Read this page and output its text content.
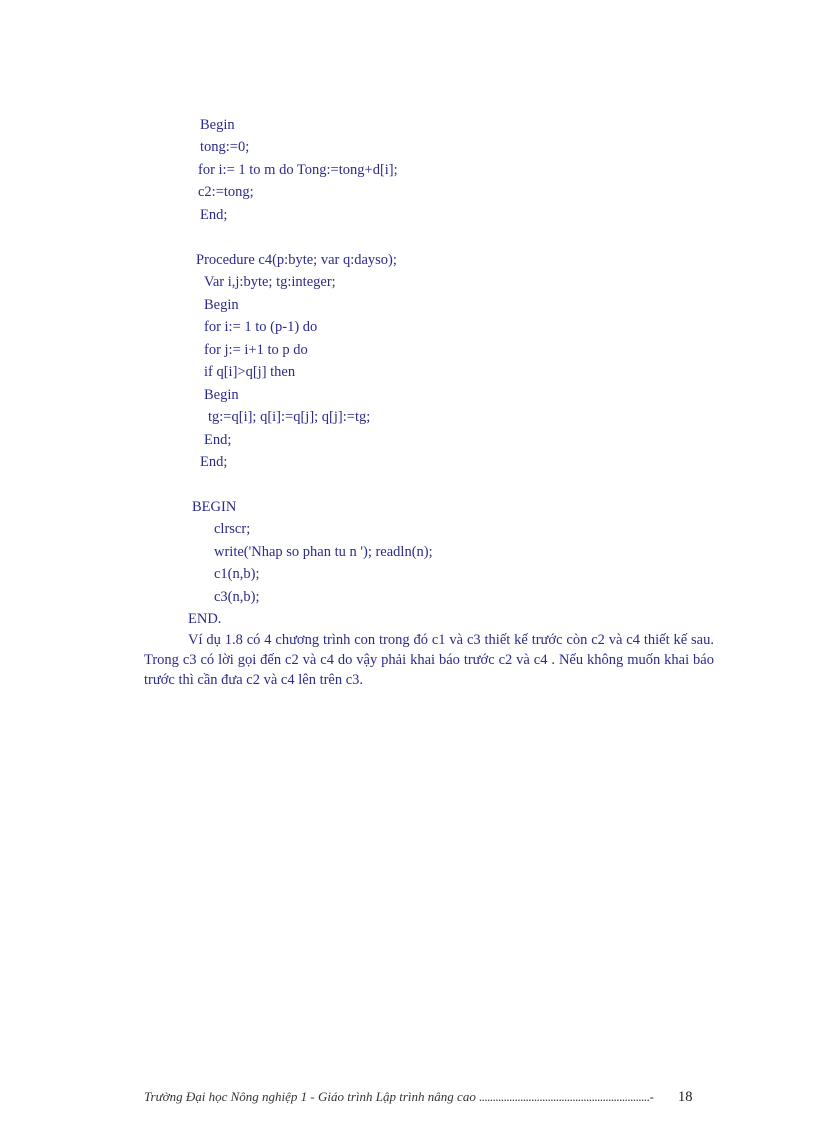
Begin
tong:=0;
for i:= 1 to m do Tong:=tong+d[i];
c2:=tong;
End;
Procedure c4(p:byte; var q:dayso);
Var i,j:byte; tg:integer;
Begin
for i:= 1 to (p-1) do
for j:= i+1 to p do
if q[i]>q[j] then
Begin
tg:=q[i]; q[i]:=q[j]; q[j]:=tg;
End;
End;
BEGIN
clrscr;
write('Nhap so phan tu n '); readln(n);
c1(n,b);
c3(n,b);
END.
Ví dụ 1.8 có 4 chương trình con trong đó c1 và c3 thiết kế trước còn c2 và c4 thiết kế sau. Trong c3 có lời gọi đến c2 và c4 do vậy phải khai báo trước c2 và c4 . Nếu không muốn khai báo trước thì cần đưa c2 và c4 lên trên c3.
Trường Đại học Nông nghiệp 1 - Giáo trình Lập trình nâng cao ..............................................................-	18
